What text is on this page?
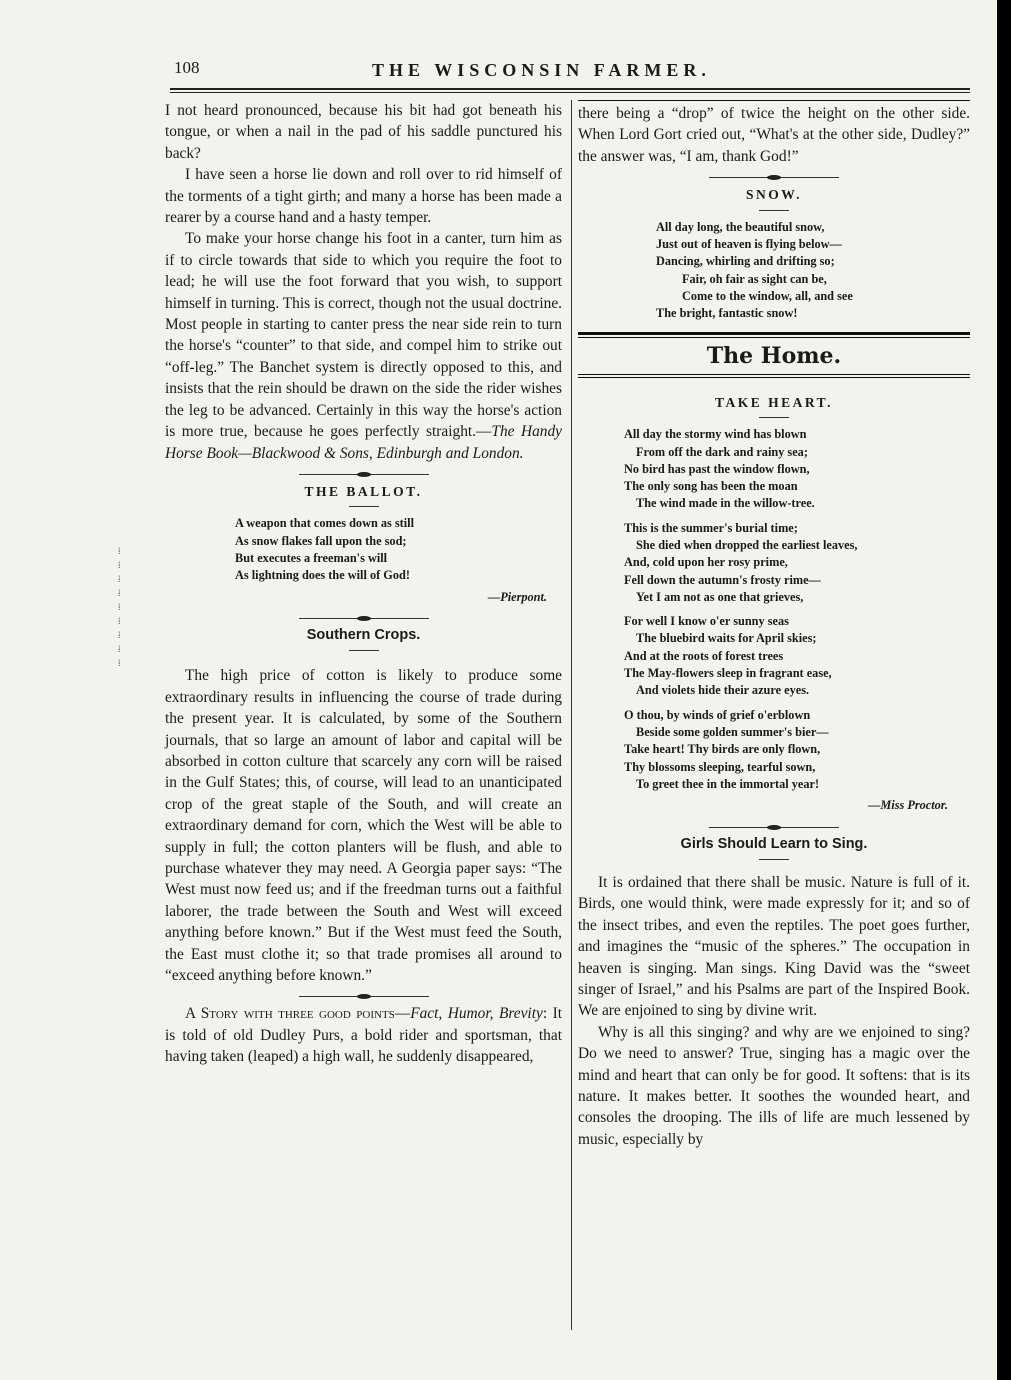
⁞
⁞
⁞
⁞
⁞
⁞
⁞
⁞
⁞
108	THE WISCONSIN FARMER.

I not heard pronounced, because his bit had got beneath his tongue, or when a nail in the pad of his saddle punctured his back?

I have seen a horse lie down and roll over to rid himself of the torments of a tight girth; and many a horse has been made a rearer by a course hand and a hasty temper.

To make your horse change his foot in a canter, turn him as if to circle towards that side to which you require the foot to lead; he will use the foot forward that you wish, to support himself in turning. This is correct, though not the usual doctrine. Most people in starting to canter press the near side rein to turn the horse's “counter” to that side, and compel him to strike out “off-leg.” The Banchet system is directly opposed to this, and insists that the rein should be drawn on the side the rider wishes the leg to be advanced. Certainly in this way the horse's action is more true, because he goes perfectly straight.—The Handy Horse Book—Blackwood & Sons, Edinburgh and London.

THE BALLOT.
A weapon that comes down as still
As snow flakes fall upon the sod;
But executes a freeman's will
As lightning does the will of God!
—Pierpont.
Southern Crops.

The high price of cotton is likely to produce some extraordinary results in influencing the course of trade during the present year. It is calculated, by some of the Southern journals, that so large an amount of labor and capital will be absorbed in cotton culture that scarcely any corn will be raised in the Gulf States; this, of course, will lead to an unanticipated crop of the great staple of the South, and will create an extraordinary demand for corn, which the West will be able to supply in full; the cotton planters will be flush, and able to purchase whatever they may need. A Georgia paper says: “The West must now feed us; and if the freedman turns out a faithful laborer, the trade between the South and West will exceed anything before known.” But if the West must feed the South, the East must clothe it; so that trade promises all around to “exceed anything before known.”

A Story with three good points—Fact, Humor, Brevity: It is told of old Dudley Purs, a bold rider and sportsman, that having taken (leaped) a high wall, he suddenly disappeared,

there being a “drop” of twice the height on the other side. When Lord Gort cried out, “What's at the other side, Dudley?” the answer was, “I am, thank God!”

SNOW.
All day long, the beautiful snow,
Just out of heaven is flying below—
Dancing, whirling and drifting so;
Fair, oh fair as sight can be,
Come to the window, all, and see
The bright, fantastic snow!
The Home.
TAKE HEART.
All day the stormy wind has blown
From off the dark and rainy sea;
No bird has past the window flown,
The only song has been the moan
The wind made in the willow-tree.
This is the summer's burial time;
She died when dropped the earliest leaves,
And, cold upon her rosy prime,
Fell down the autumn's frosty rime—
Yet I am not as one that grieves,
For well I know o'er sunny seas
The bluebird waits for April skies;
And at the roots of forest trees
The May-flowers sleep in fragrant ease,
And violets hide their azure eyes.
O thou, by winds of grief o'erblown
Beside some golden summer's bier—
Take heart! Thy birds are only flown,
Thy blossoms sleeping, tearful sown,
To greet thee in the immortal year!
—Miss Proctor.
Girls Should Learn to Sing.

It is ordained that there shall be music. Nature is full of it. Birds, one would think, were made expressly for it; and so of the insect tribes, and even the reptiles. The poet goes further, and imagines the “music of the spheres.” The occupation in heaven is singing. Man sings. King David was the “sweet singer of Israel,” and his Psalms are part of the Inspired Book. We are enjoined to sing by divine writ.

Why is all this singing? and why are we enjoined to sing? Do we need to answer? True, singing has a magic over the mind and heart that can only be for good. It softens: that is its nature. It makes better. It soothes the wounded heart, and consoles the drooping. The ills of life are much lessened by music, especially by
